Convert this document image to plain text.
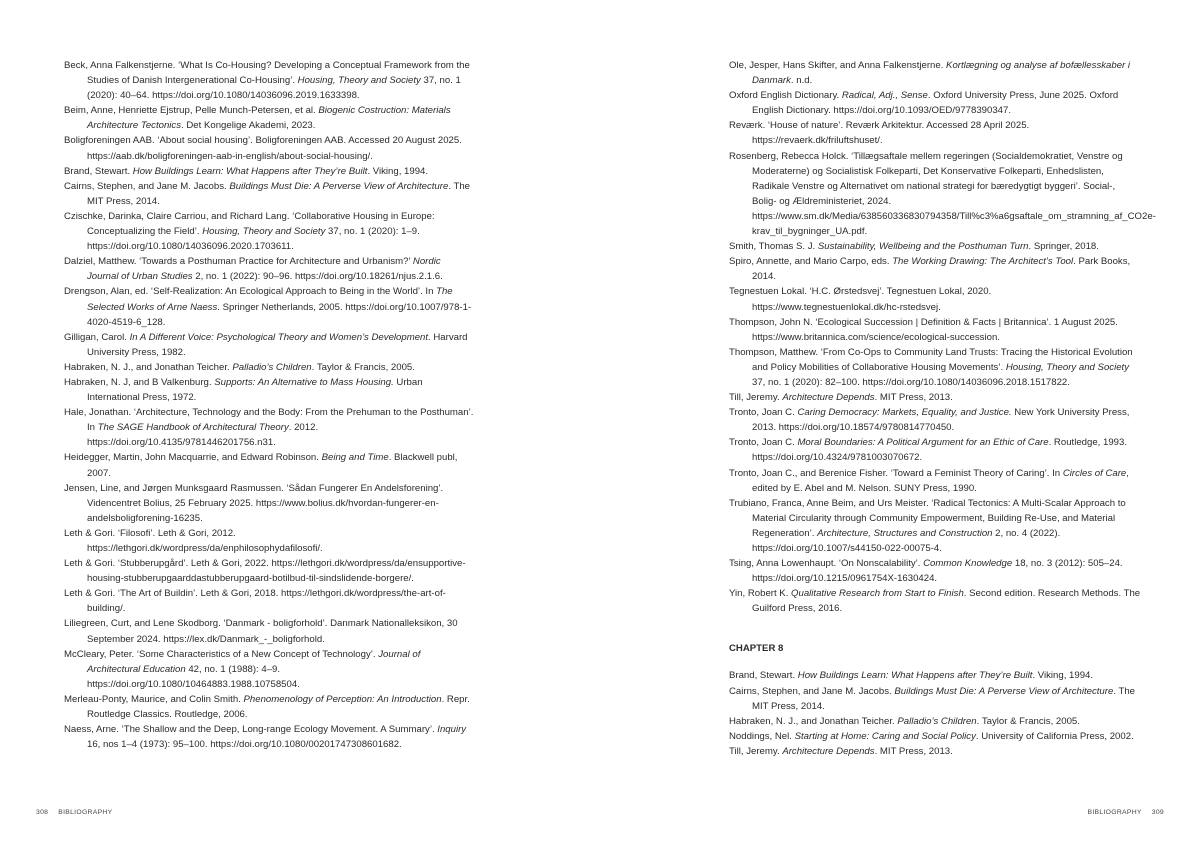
Beck, Anna Falkenstjerne. ‘What Is Co-Housing? Developing a Conceptual Framework from the Studies of Danish Intergenerational Co-Housing’. Housing, Theory and Society 37, no. 1 (2020): 40–64. https://doi.org/10.1080/14036096.2019.1633398.
Beim, Anne, Henriette Ejstrup, Pelle Munch-Petersen, et al. Biogenic Costruction: Materials Architecture Tectonics. Det Kongelige Akademi, 2023.
Boligforeningen AAB. ‘About social housing’. Boligforeningen AAB. Accessed 20 August 2025. https://aab.dk/boligforeningen-aab-in-english/about-social-housing/.
Brand, Stewart. How Buildings Learn: What Happens after They’re Built. Viking, 1994.
Cairns, Stephen, and Jane M. Jacobs. Buildings Must Die: A Perverse View of Architecture. The MIT Press, 2014.
Czischke, Darinka, Claire Carriou, and Richard Lang. ‘Collaborative Housing in Europe: Conceptualizing the Field’. Housing, Theory and Society 37, no. 1 (2020): 1–9. https://doi.org/10.1080/14036096.2020.1703611.
Dalziel, Matthew. ‘Towards a Posthuman Practice for Architecture and Urbanism?’ Nordic Journal of Urban Studies 2, no. 1 (2022): 90–96. https://doi.org/10.18261/njus.2.1.6.
Drengson, Alan, ed. ‘Self-Realization: An Ecological Approach to Being in the World’. In The Selected Works of Arne Naess. Springer Netherlands, 2005. https://doi.org/10.1007/978-1-4020-4519-6_128.
Gilligan, Carol. In A Different Voice: Psychological Theory and Women’s Development. Harvard University Press, 1982.
Habraken, N. J., and Jonathan Teicher. Palladio’s Children. Taylor & Francis, 2005.
Habraken, N. J, and B Valkenburg. Supports: An Alternative to Mass Housing. Urban International Press, 1972.
Hale, Jonathan. ‘Architecture, Technology and the Body: From the Prehuman to the Posthuman’. In The SAGE Handbook of Architectural Theory. 2012. https://doi.org/10.4135/9781446201756.n31.
Heidegger, Martin, John Macquarrie, and Edward Robinson. Being and Time. Blackwell publ, 2007.
Jensen, Line, and Jørgen Munksgaard Rasmussen. ‘Sådan Fungerer En Andelsforening’. Videncentret Bolius, 25 February 2025. https://www.bolius.dk/hvordan-fungerer-en-andelsboligforening-16235.
Leth & Gori. ‘Filosofi’. Leth & Gori, 2012. https://lethgori.dk/wordpress/da/enphilosophydafilosofi/.
Leth & Gori. ‘Stubberupgård’. Leth & Gori, 2022. https://lethgori.dk/wordpress/da/ensupportive-housing-stubberupgaarddastubberupgaard-botilbud-til-sindslidende-borgere/.
Leth & Gori. ‘The Art of Buildin’. Leth & Gori, 2018. https://lethgori.dk/wordpress/the-art-of-building/.
Liliegreen, Curt, and Lene Skodborg. ‘Danmark - boligforhold’. Danmark Nationalleksikon, 30 September 2024. https://lex.dk/Danmark_-_boligforhold.
McCleary, Peter. ‘Some Characteristics of a New Concept of Technology’. Journal of Architectural Education 42, no. 1 (1988): 4–9. https://doi.org/10.1080/10464883.1988.10758504.
Merleau-Ponty, Maurice, and Colin Smith. Phenomenology of Perception: An Introduction. Repr. Routledge Classics. Routledge, 2006.
Naess, Arne. ‘The Shallow and the Deep, Long-range Ecology Movement. A Summary’. Inquiry 16, nos 1–4 (1973): 95–100. https://doi.org/10.1080/00201747308601682.
Ole, Jesper, Hans Skifter, and Anna Falkenstjerne. Kortlægning og analyse af bofællesskaber i Danmark. n.d.
Oxford English Dictionary. Radical, Adj., Sense. Oxford University Press, June 2025. Oxford English Dictionary. https://doi.org/10.1093/OED/9778390347.
Reværk. ‘House of nature’. Reværk Arkitektur. Accessed 28 April 2025. https://revaerk.dk/friluftshuset/.
Rosenberg, Rebecca Holck. ‘Tillægsaftale mellem regeringen (Socialdemokratiet, Venstre og Moderaterne) og Socialistisk Folkeparti, Det Konservative Folkeparti, Enhedslisten, Radikale Venstre og Alternativet om national strategi for bæredygtigt byggeri’. Social-, Bolig- og Ældreministeriet, 2024. https://www.sm.dk/Media/638560336830794358/Till%c3%a6gsaftale_om_stramning_af_CO2e-krav_til_bygninger_UA.pdf.
Smith, Thomas S. J. Sustainability, Wellbeing and the Posthuman Turn. Springer, 2018.
Spiro, Annette, and Mario Carpo, eds. The Working Drawing: The Architect’s Tool. Park Books, 2014.
Tegnestuen Lokal. ‘H.C. Ørstedsvej’. Tegnestuen Lokal, 2020. https://www.tegnestuenlokal.dk/hc-rstedsvej.
Thompson, John N. ‘Ecological Succession | Definition & Facts | Britannica’. 1 August 2025. https://www.britannica.com/science/ecological-succession.
Thompson, Matthew. ‘From Co-Ops to Community Land Trusts: Tracing the Historical Evolution and Policy Mobilities of Collaborative Housing Movements’. Housing, Theory and Society 37, no. 1 (2020): 82–100. https://doi.org/10.1080/14036096.2018.1517822.
Till, Jeremy. Architecture Depends. MIT Press, 2013.
Tronto, Joan C. Caring Democracy: Markets, Equality, and Justice. New York University Press, 2013. https://doi.org/10.18574/9780814770450.
Tronto, Joan C. Moral Boundaries: A Political Argument for an Ethic of Care. Routledge, 1993. https://doi.org/10.4324/9781003070672.
Tronto, Joan C., and Berenice Fisher. ‘Toward a Feminist Theory of Caring’. In Circles of Care, edited by E. Abel and M. Nelson. SUNY Press, 1990.
Trubiano, Franca, Anne Beim, and Urs Meister. ‘Radical Tectonics: A Multi-Scalar Approach to Material Circularity through Community Empowerment, Building Re-Use, and Material Regeneration’. Architecture, Structures and Construction 2, no. 4 (2022). https://doi.org/10.1007/s44150-022-00075-4.
Tsing, Anna Lowenhaupt. ‘On Nonscalability’. Common Knowledge 18, no. 3 (2012): 505–24. https://doi.org/10.1215/0961754X-1630424.
Yin, Robert K. Qualitative Research from Start to Finish. Second edition. Research Methods. The Guilford Press, 2016.
CHAPTER 8
Brand, Stewart. How Buildings Learn: What Happens after They’re Built. Viking, 1994.
Cairns, Stephen, and Jane M. Jacobs. Buildings Must Die: A Perverse View of Architecture. The MIT Press, 2014.
Habraken, N. J., and Jonathan Teicher. Palladio’s Children. Taylor & Francis, 2005.
Noddings, Nel. Starting at Home: Caring and Social Policy. University of California Press, 2002.
Till, Jeremy. Architecture Depends. MIT Press, 2013.
308 BIBLIOGRAPHY	BIBLIOGRAPHY 309
